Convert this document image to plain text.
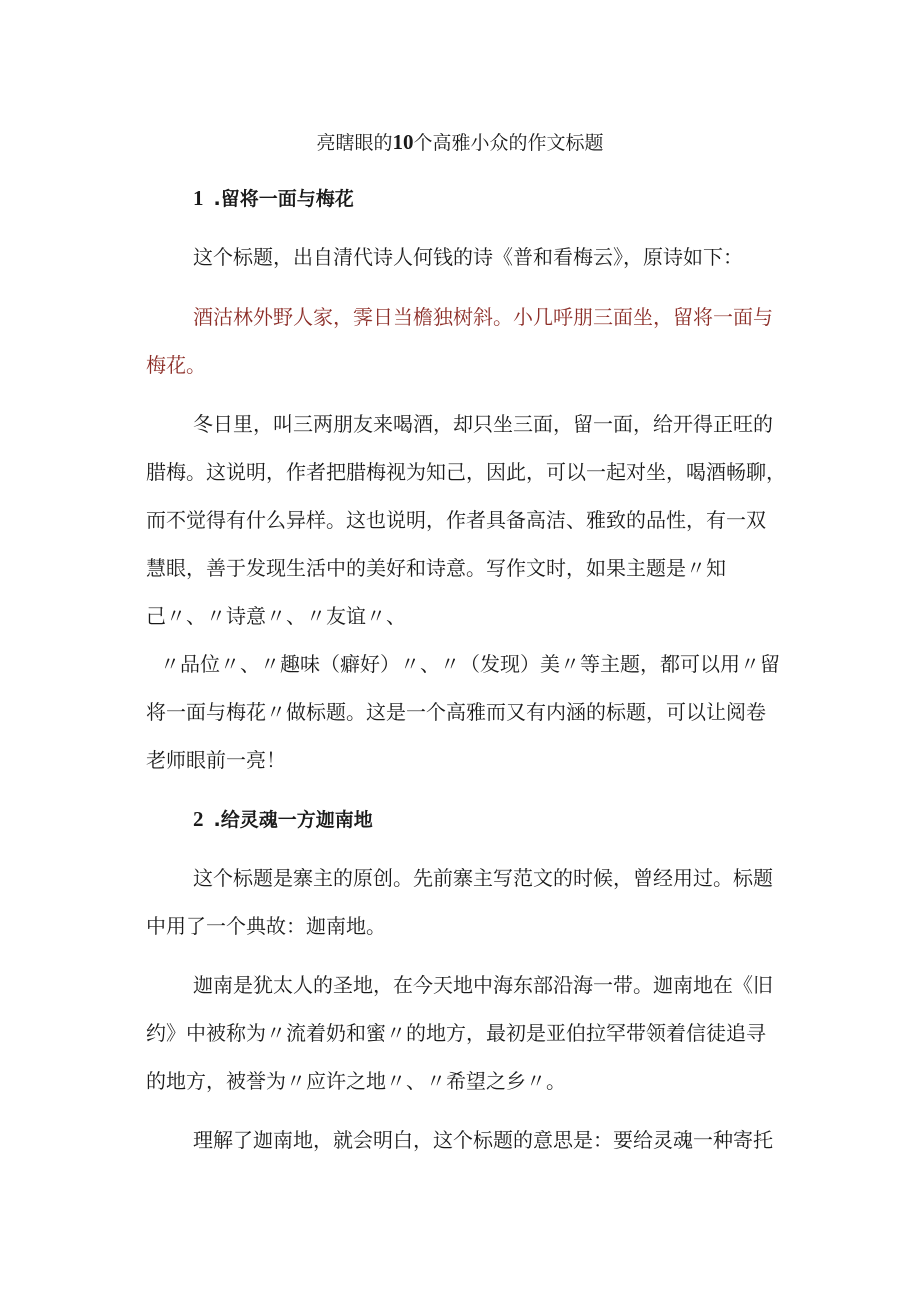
亮瞎眼的10个高雅小众的作文标题
1 .留将一面与梅花
这个标题，出自清代诗人何钱的诗《普和看梅云》，原诗如下：
酒沽林外野人家，霁日当檐独树斜。小几呼朋三面坐，留将一面与
梅花。
冬日里，叫三两朋友来喝酒，却只坐三面，留一面，给开得正旺的
腊梅。这说明，作者把腊梅视为知己，因此，可以一起对坐，喝酒畅聊，
而不觉得有什么异样。这也说明，作者具备高洁、雅致的品性，有一双
慧眼，善于发现生活中的美好和诗意。写作文时，如果主题是〃知
己〃、〃诗意〃、〃友谊〃、
〃品位〃、〃趣味（癖好）〃、〃（发现）美〃等主题，都可以用〃留
将一面与梅花〃做标题。这是一个高雅而又有内涵的标题，可以让阅卷
老师眼前一亮！
2 .给灵魂一方迦南地
这个标题是寨主的原创。先前寨主写范文的时候，曾经用过。标题
中用了一个典故：迦南地。
迦南是犹太人的圣地，在今天地中海东部沿海一带。迦南地在《旧
约》中被称为〃流着奶和蜜〃的地方，最初是亚伯拉罕带领着信徒追寻
的地方，被誉为〃应许之地〃、〃希望之乡〃。
理解了迦南地，就会明白，这个标题的意思是：要给灵魂一种寄托
